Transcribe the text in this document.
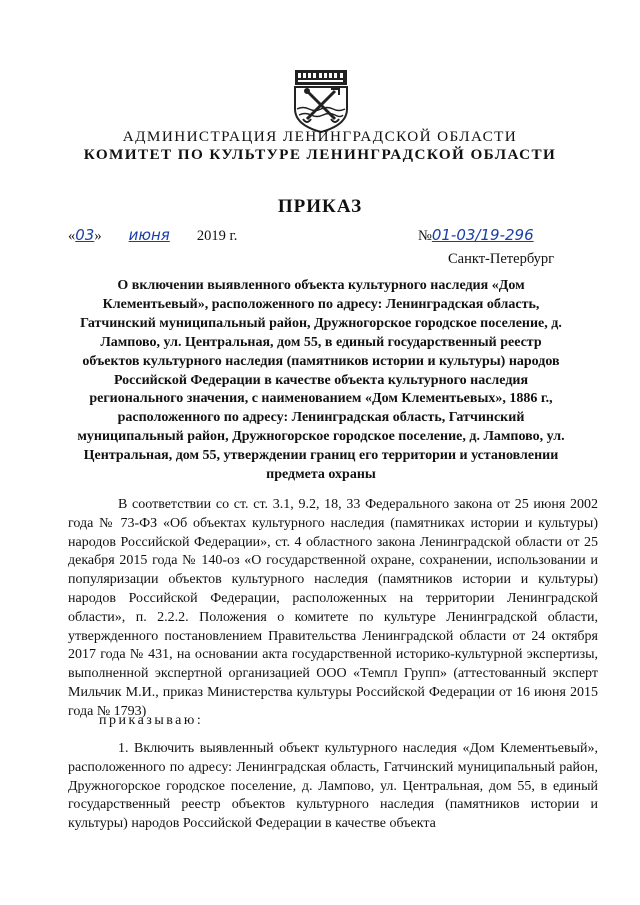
АДМИНИСТРАЦИЯ ЛЕНИНГРАДСКОЙ ОБЛАСТИ
КОМИТЕТ ПО КУЛЬТУРЕ ЛЕНИНГРАДСКОЙ ОБЛАСТИ
ПРИКАЗ
«03» июня 2019 г.	№01-03/19-296
Санкт-Петербург
О включении выявленного объекта культурного наследия «Дом Клементьевый», расположенного по адресу: Ленинградская область, Гатчинский муниципальный район, Дружногорское городское поселение, д. Лампово, ул. Центральная, дом 55, в единый государственный реестр объектов культурного наследия (памятников истории и культуры) народов Российской Федерации в качестве объекта культурного наследия регионального значения, с наименованием «Дом Клементьевых», 1886 г., расположенного по адресу: Ленинградская область, Гатчинский муниципальный район, Дружногорское городское поселение, д. Лампово, ул. Центральная, дом 55, утверждении границ его территории и установлении предмета охраны
В соответствии со ст. ст. 3.1, 9.2, 18, 33 Федерального закона от 25 июня 2002 года № 73-ФЗ «Об объектах культурного наследия (памятниках истории и культуры) народов Российской Федерации», ст. 4 областного закона Ленинградской области от 25 декабря 2015 года № 140-оз «О государственной охране, сохранении, использовании и популяризации объектов культурного наследия (памятников истории и культуры) народов Российской Федерации, расположенных на территории Ленинградской области», п. 2.2.2. Положения о комитете по культуре Ленинградской области, утвержденного постановлением Правительства Ленинградской области от 24 октября 2017 года № 431, на основании акта государственной историко-культурной экспертизы, выполненной экспертной организацией ООО «Темпл Групп» (аттестованный эксперт Мильчик М.И., приказ Министерства культуры Российской Федерации от 16 июня 2015 года № 1793)
приказываю:
1. Включить выявленный объект культурного наследия «Дом Клементьевый», расположенного по адресу: Ленинградская область, Гатчинский муниципальный район, Дружногорское городское поселение, д. Лампово, ул. Центральная, дом 55, в единый государственный реестр объектов культурного наследия (памятников истории и культуры) народов Российской Федерации в качестве объекта
